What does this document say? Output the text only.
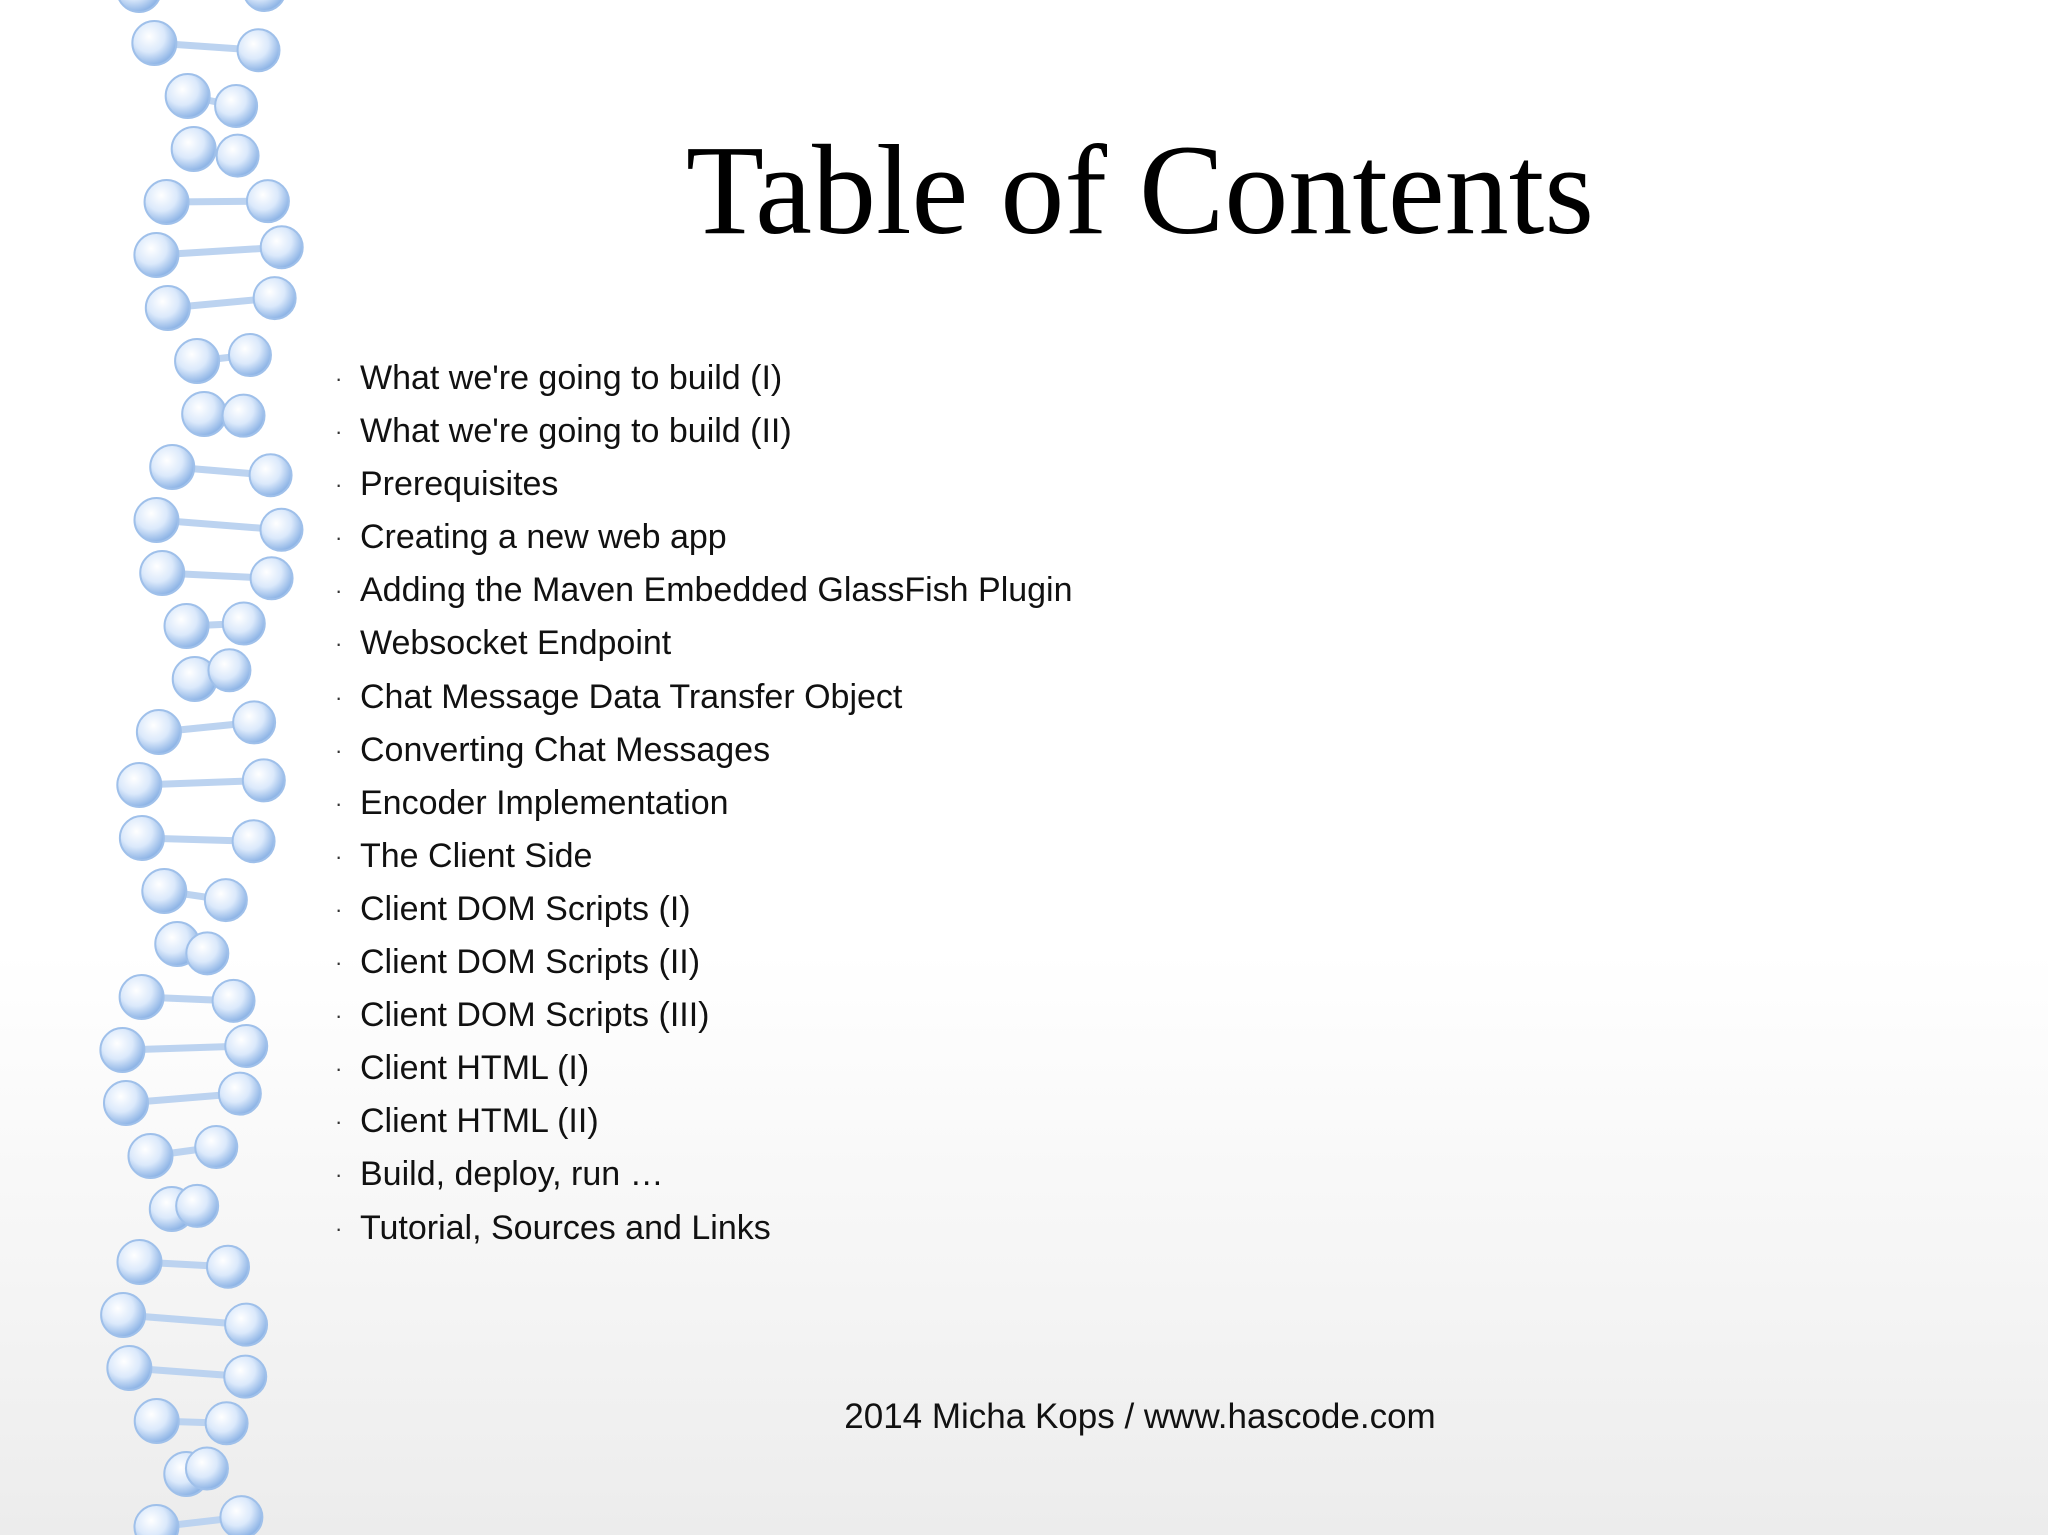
Table of Contents
· What we're going to build (I)
· What we're going to build (II)
· Prerequisites
· Creating a new web app
· Adding the Maven Embedded GlassFish Plugin
· Websocket Endpoint
· Chat Message Data Transfer Object
· Converting Chat Messages
· Encoder Implementation
· The Client Side
· Client DOM Scripts (I)
· Client DOM Scripts (II)
· Client DOM Scripts (III)
· Client HTML (I)
· Client HTML (II)
· Build, deploy, run …
· Tutorial, Sources and Links
2014 Micha Kops / www.hascode.com
